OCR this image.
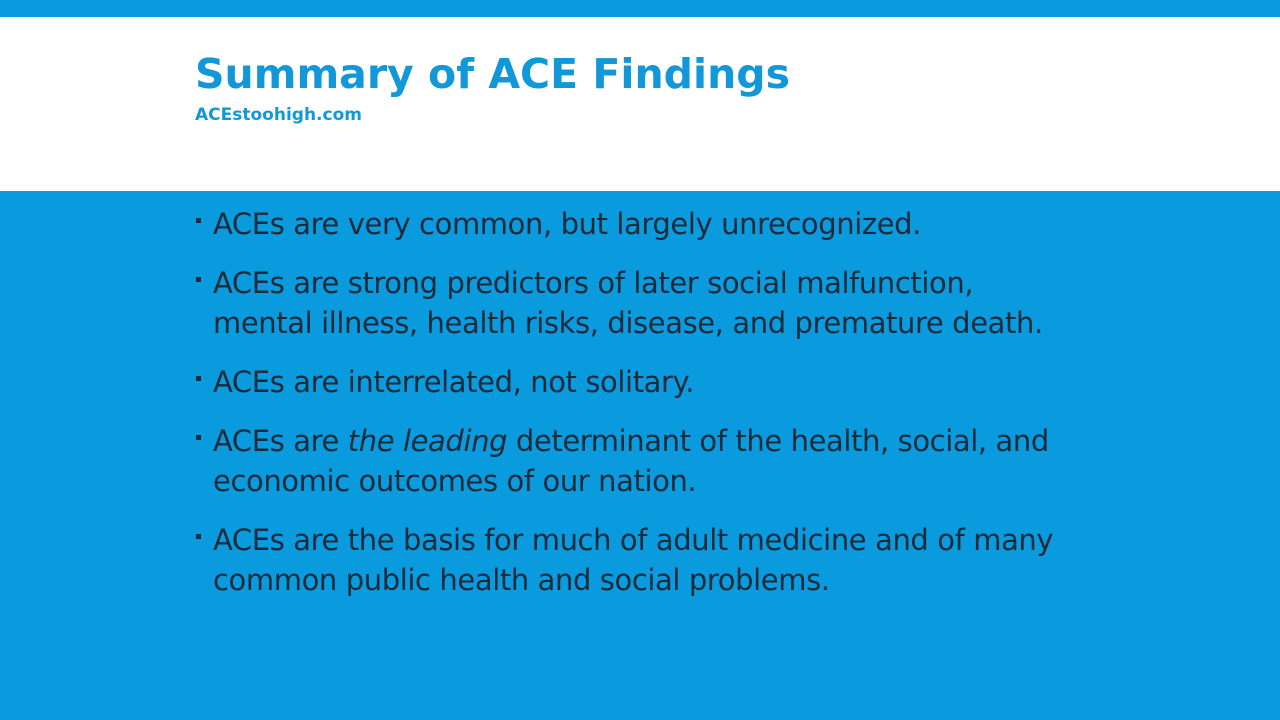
Summary of ACE Findings
ACEstoohigh.com
ACEs are very common, but largely unrecognized.
ACEs are strong predictors of later social malfunction, mental illness, health risks, disease, and premature death.
ACEs are interrelated, not solitary.
ACEs are the leading determinant of the health, social, and economic outcomes of our nation.
ACEs are the basis for much of adult medicine and of many common public health and social problems.
